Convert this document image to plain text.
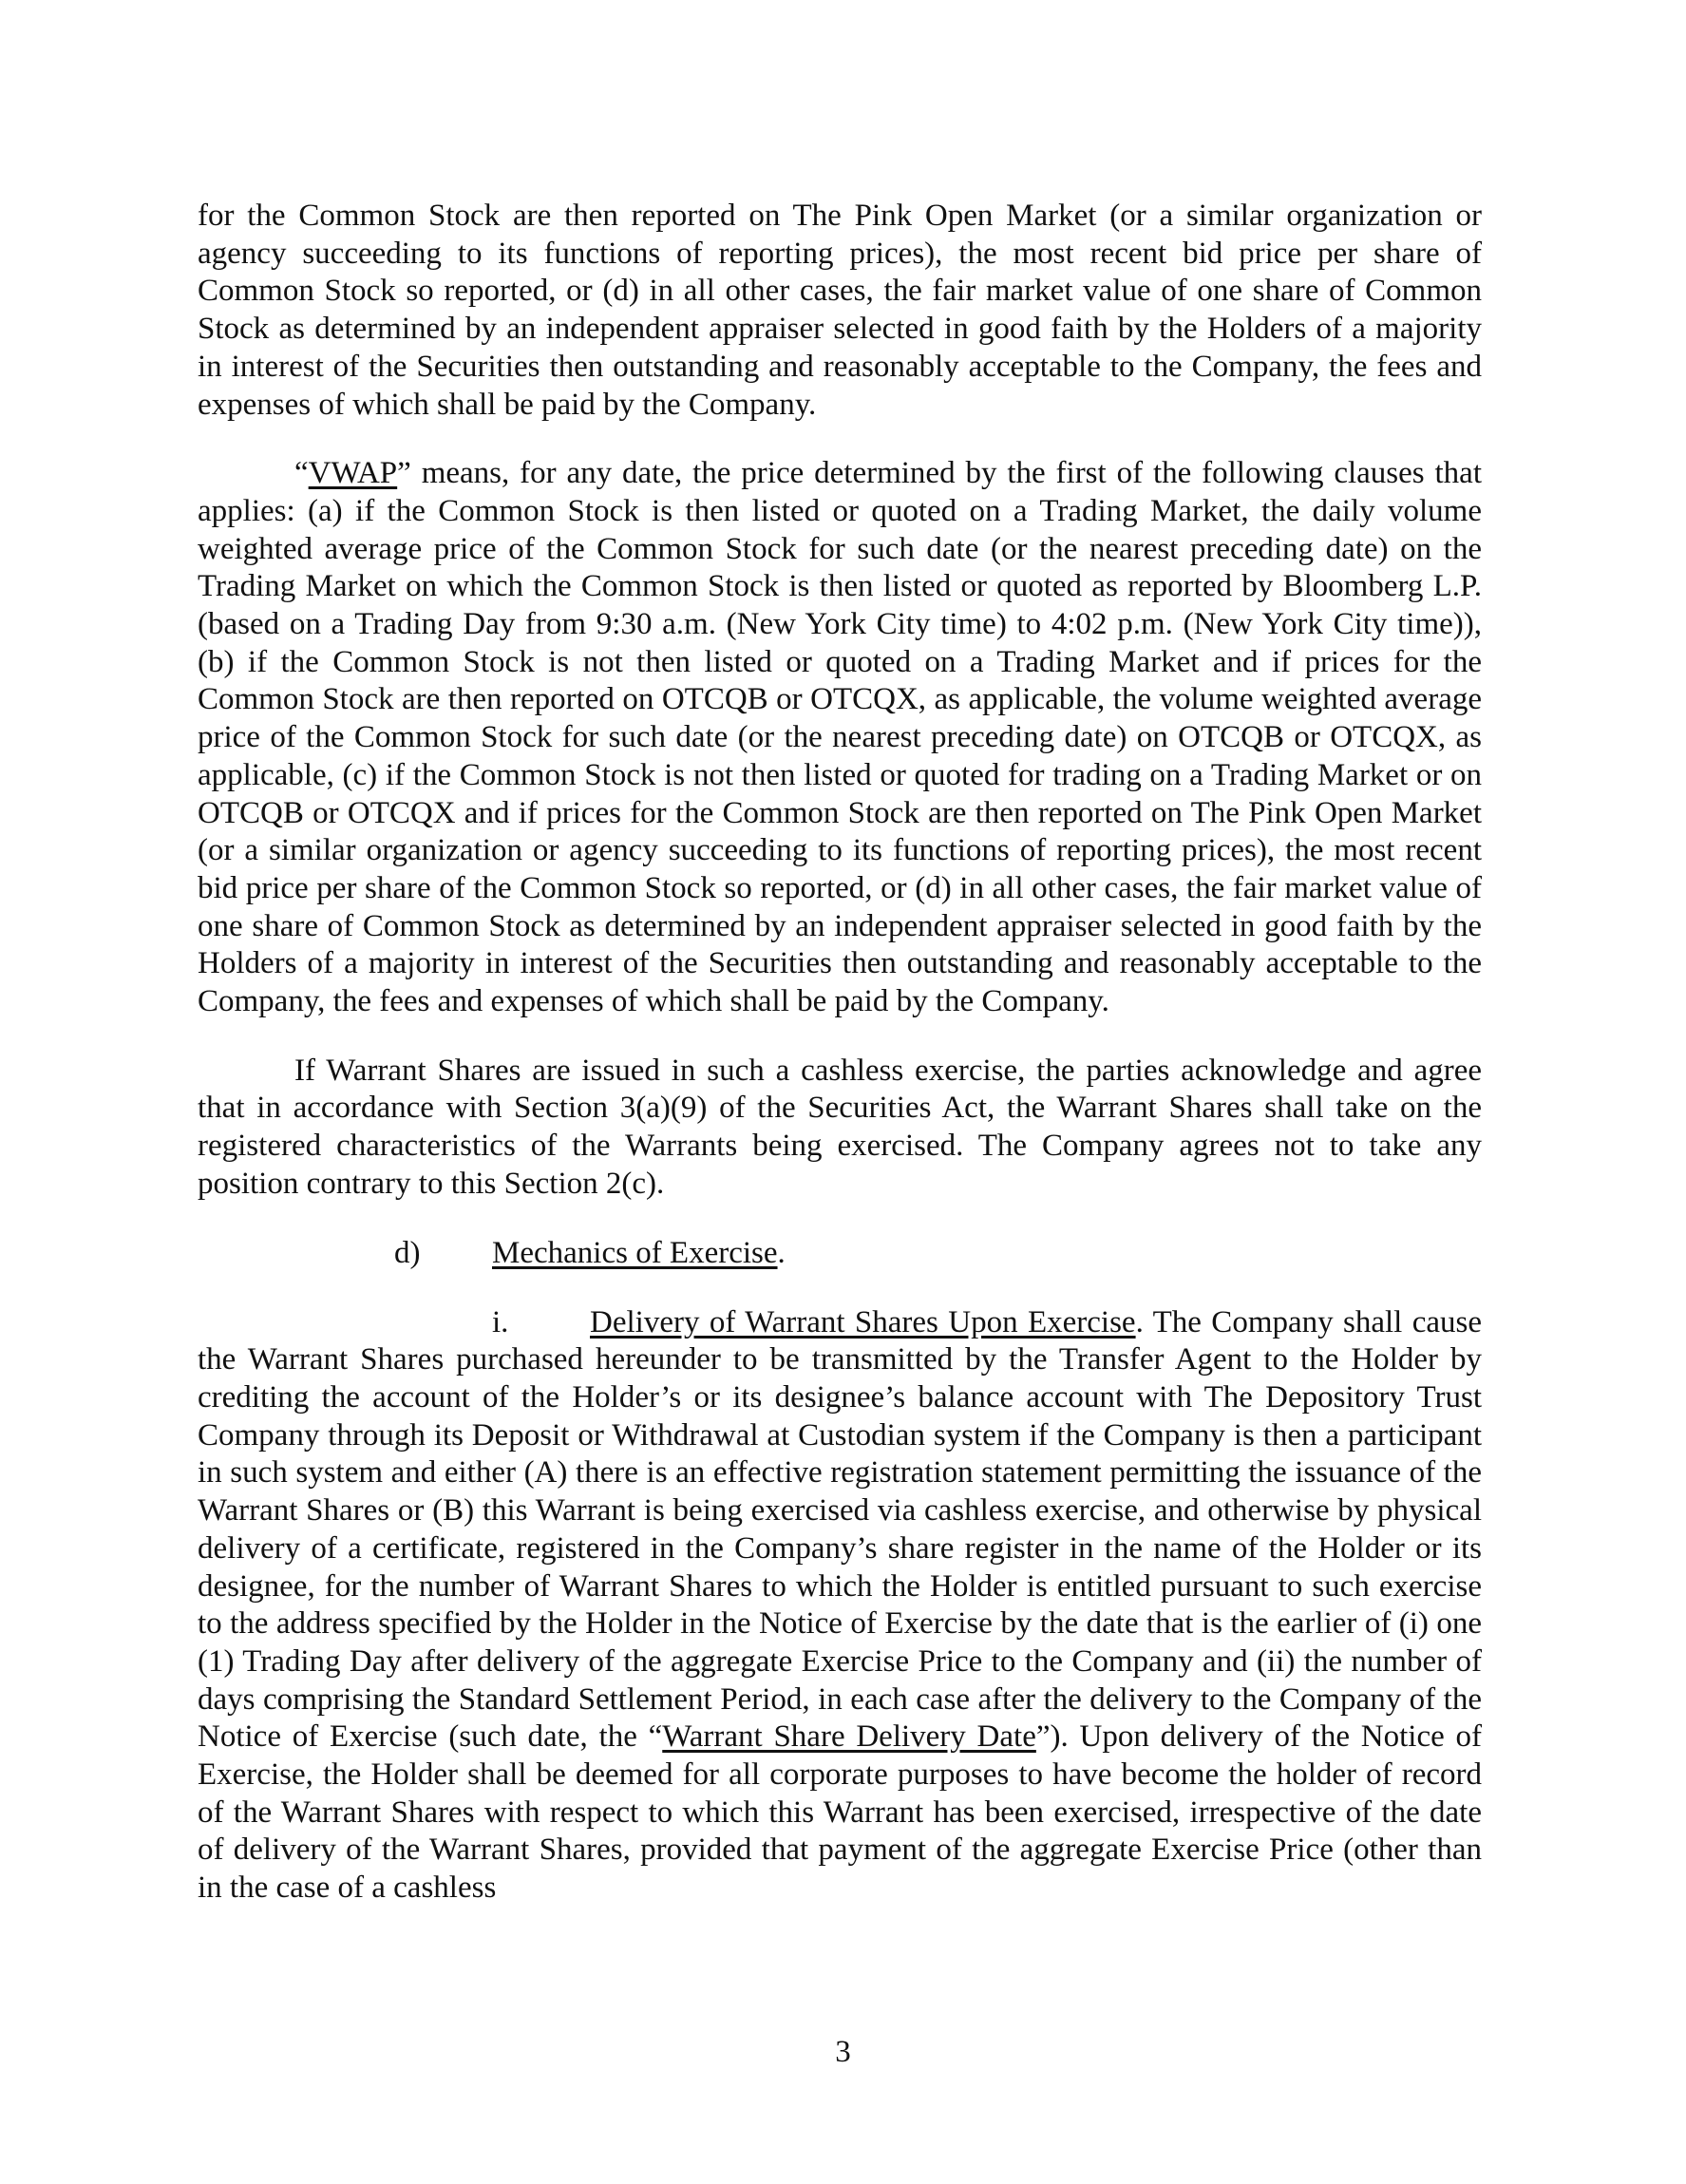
for the Common Stock are then reported on The Pink Open Market (or a similar organization or agency succeeding to its functions of reporting prices), the most recent bid price per share of Common Stock so reported, or (d) in all other cases, the fair market value of one share of Common Stock as determined by an independent appraiser selected in good faith by the Holders of a majority in interest of the Securities then outstanding and reasonably acceptable to the Company, the fees and expenses of which shall be paid by the Company.

“VWAP” means, for any date, the price determined by the first of the following clauses that applies: (a) if the Common Stock is then listed or quoted on a Trading Market, the daily volume weighted average price of the Common Stock for such date (or the nearest preceding date) on the Trading Market on which the Common Stock is then listed or quoted as reported by Bloomberg L.P. (based on a Trading Day from 9:30 a.m. (New York City time) to 4:02 p.m. (New York City time)), (b) if the Common Stock is not then listed or quoted on a Trading Market and if prices for the Common Stock are then reported on OTCQB or OTCQX, as applicable, the volume weighted average price of the Common Stock for such date (or the nearest preceding date) on OTCQB or OTCQX, as applicable, (c) if the Common Stock is not then listed or quoted for trading on a Trading Market or on OTCQB or OTCQX and if prices for the Common Stock are then reported on The Pink Open Market (or a similar organization or agency succeeding to its functions of reporting prices), the most recent bid price per share of the Common Stock so reported, or (d) in all other cases, the fair market value of one share of Common Stock as determined by an independent appraiser selected in good faith by the Holders of a majority in interest of the Securities then outstanding and reasonably acceptable to the Company, the fees and expenses of which shall be paid by the Company.

If Warrant Shares are issued in such a cashless exercise, the parties acknowledge and agree that in accordance with Section 3(a)(9) of the Securities Act, the Warrant Shares shall take on the registered characteristics of the Warrants being exercised. The Company agrees not to take any position contrary to this Section 2(c).

d) Mechanics of Exercise.

i.	Delivery of Warrant Shares Upon Exercise. The Company shall cause the Warrant Shares purchased hereunder to be transmitted by the Transfer Agent to the Holder by crediting the account of the Holder’s or its designee’s balance account with The Depository Trust Company through its Deposit or Withdrawal at Custodian system if the Company is then a participant in such system and either (A) there is an effective registration statement permitting the issuance of the Warrant Shares or (B) this Warrant is being exercised via cashless exercise, and otherwise by physical delivery of a certificate, registered in the Company’s share register in the name of the Holder or its designee, for the number of Warrant Shares to which the Holder is entitled pursuant to such exercise to the address specified by the Holder in the Notice of Exercise by the date that is the earlier of (i) one (1) Trading Day after delivery of the aggregate Exercise Price to the Company and (ii) the number of days comprising the Standard Settlement Period, in each case after the delivery to the Company of the Notice of Exercise (such date, the “Warrant Share Delivery Date”). Upon delivery of the Notice of Exercise, the Holder shall be deemed for all corporate purposes to have become the holder of record of the Warrant Shares with respect to which this Warrant has been exercised, irrespective of the date of delivery of the Warrant Shares, provided that payment of the aggregate Exercise Price (other than in the case of a cashless

3
